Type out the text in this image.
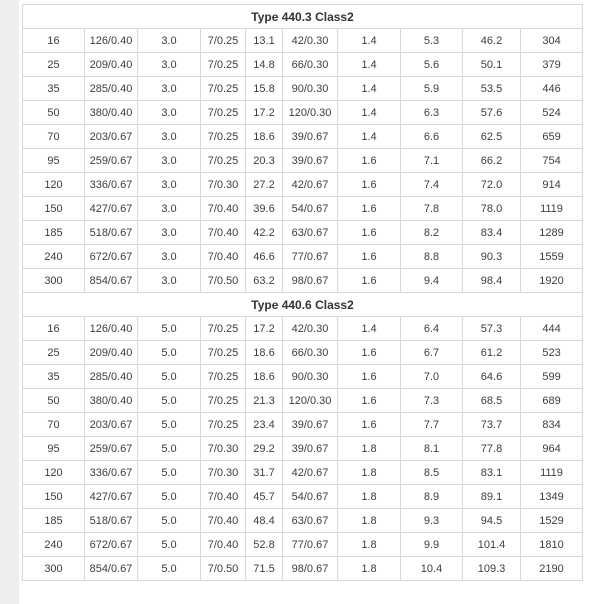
Type 440.3 Class2									
16	126/0.40	3.0	7/0.25	13.1	42/0.30	1.4	5.3	46.2	304
25	209/0.40	3.0	7/0.25	14.8	66/0.30	1.4	5.6	50.1	379
35	285/0.40	3.0	7/0.25	15.8	90/0.30	1.4	5.9	53.5	446
50	380/0.40	3.0	7/0.25	17.2	120/0.30	1.4	6.3	57.6	524
70	203/0.67	3.0	7/0.25	18.6	39/0.67	1.4	6.6	62.5	659
95	259/0.67	3.0	7/0.25	20.3	39/0.67	1.6	7.1	66.2	754
120	336/0.67	3.0	7/0.30	27.2	42/0.67	1.6	7.4	72.0	914
150	427/0.67	3.0	7/0.40	39.6	54/0.67	1.6	7.8	78.0	1119
185	518/0.67	3.0	7/0.40	42.2	63/0.67	1.6	8.2	83.4	1289
240	672/0.67	3.0	7/0.40	46.6	77/0.67	1.6	8.8	90.3	1559
300	854/0.67	3.0	7/0.50	63.2	98/0.67	1.6	9.4	98.4	1920
Type 440.6 Class2									
16	126/0.40	5.0	7/0.25	17.2	42/0.30	1.4	6.4	57.3	444
25	209/0.40	5.0	7/0.25	18.6	66/0.30	1.6	6.7	61.2	523
35	285/0.40	5.0	7/0.25	18.6	90/0.30	1.6	7.0	64.6	599
50	380/0.40	5.0	7/0.25	21.3	120/0.30	1.6	7.3	68.5	689
70	203/0.67	5.0	7/0.25	23.4	39/0.67	1.6	7.7	73.7	834
95	259/0.67	5.0	7/0.30	29.2	39/0.67	1.8	8.1	77.8	964
120	336/0.67	5.0	7/0.30	31.7	42/0.67	1.8	8.5	83.1	1119
150	427/0.67	5.0	7/0.40	45.7	54/0.67	1.8	8.9	89.1	1349
185	518/0.67	5.0	7/0.40	48.4	63/0.67	1.8	9.3	94.5	1529
240	672/0.67	5.0	7/0.40	52.8	77/0.67	1.8	9.9	101.4	1810
300	854/0.67	5.0	7/0.50	71.5	98/0.67	1.8	10.4	109.3	2190
